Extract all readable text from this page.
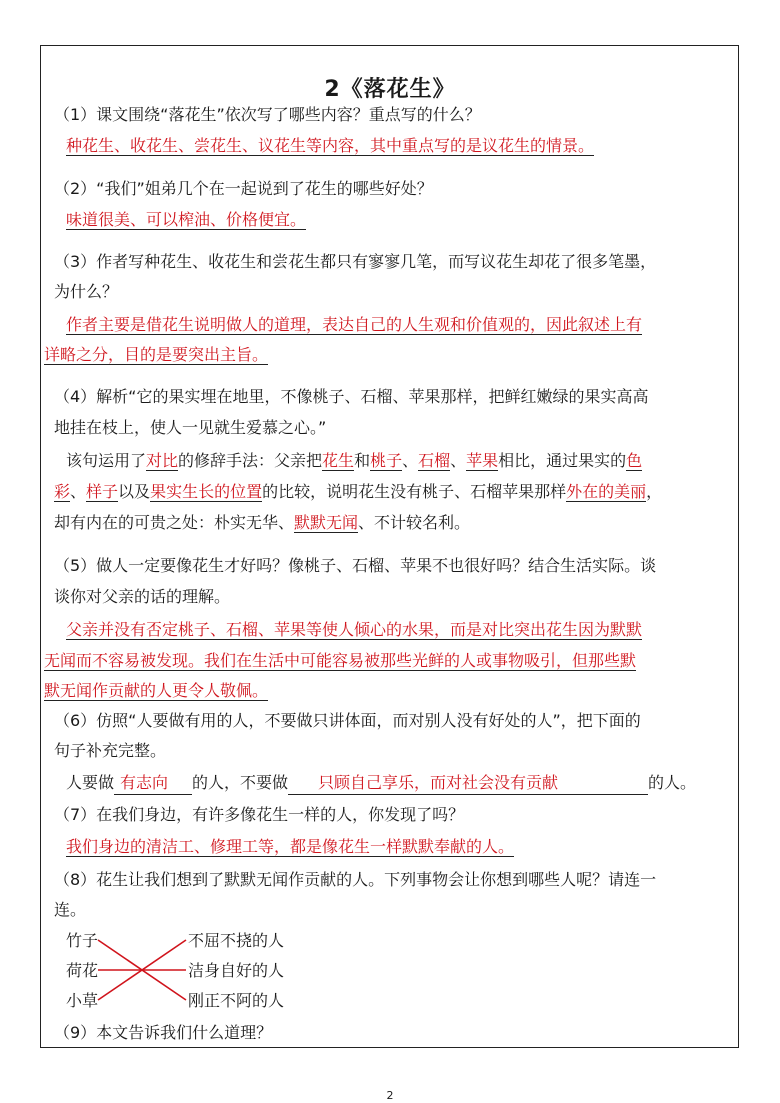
2《落花生》
（1）课文围绕“落花生”依次写了哪些内容？重点写的什么？
种花生、收花生、尝花生、议花生等内容，其中重点写的是议花生的情景。
（2）“我们”姐弟几个在一起说到了花生的哪些好处？
味道很美、可以榨油、价格便宜。
（3）作者写种花生、收花生和尝花生都只有寥寥几笔，而写议花生却花了很多笔墨，
为什么？
作者主要是借花生说明做人的道理，表达自己的人生观和价值观的，因此叙述上有
详略之分，目的是要突出主旨。
（4）解析“它的果实埋在地里，不像桃子、石榴、苹果那样，把鲜红嫩绿的果实高高
地挂在枝上，使人一见就生爱慕之心。”
该句运用了对比的修辞手法：父亲把花生和桃子、石榴、苹果相比，通过果实的色
彩、样子以及果实生长的位置的比较，说明花生没有桃子、石榴苹果那样外在的美丽，
却有内在的可贵之处：朴实无华、默默无闻、不计较名利。
（5）做人一定要像花生才好吗？像桃子、石榴、苹果不也很好吗？结合生活实际。谈
谈你对父亲的话的理解。
父亲并没有否定桃子、石榴、苹果等使人倾心的水果，而是对比突出花生因为默默
无闻而不容易被发现。我们在生活中可能容易被那些光鲜的人或事物吸引，但那些默
默无闻作贡献的人更令人敬佩。
（6）仿照“人要做有用的人，不要做只讲体面，而对别人没有好处的人”，把下面的
句子补充完整。
人要做 有志向 的人，不要做 只顾自己享乐，而对社会没有贡献	的人。
（7）在我们身边，有许多像花生一样的人，你发现了吗？
我们身边的清洁工、修理工等，都是像花生一样默默奉献的人。
（8）花生让我们想到了默默无闻作贡献的人。下列事物会让你想到哪些人呢？请连一
连。
竹子
荷花
小草
不屈不挠的人
洁身自好的人
刚正不阿的人
（9）本文告诉我们什么道理？
2
